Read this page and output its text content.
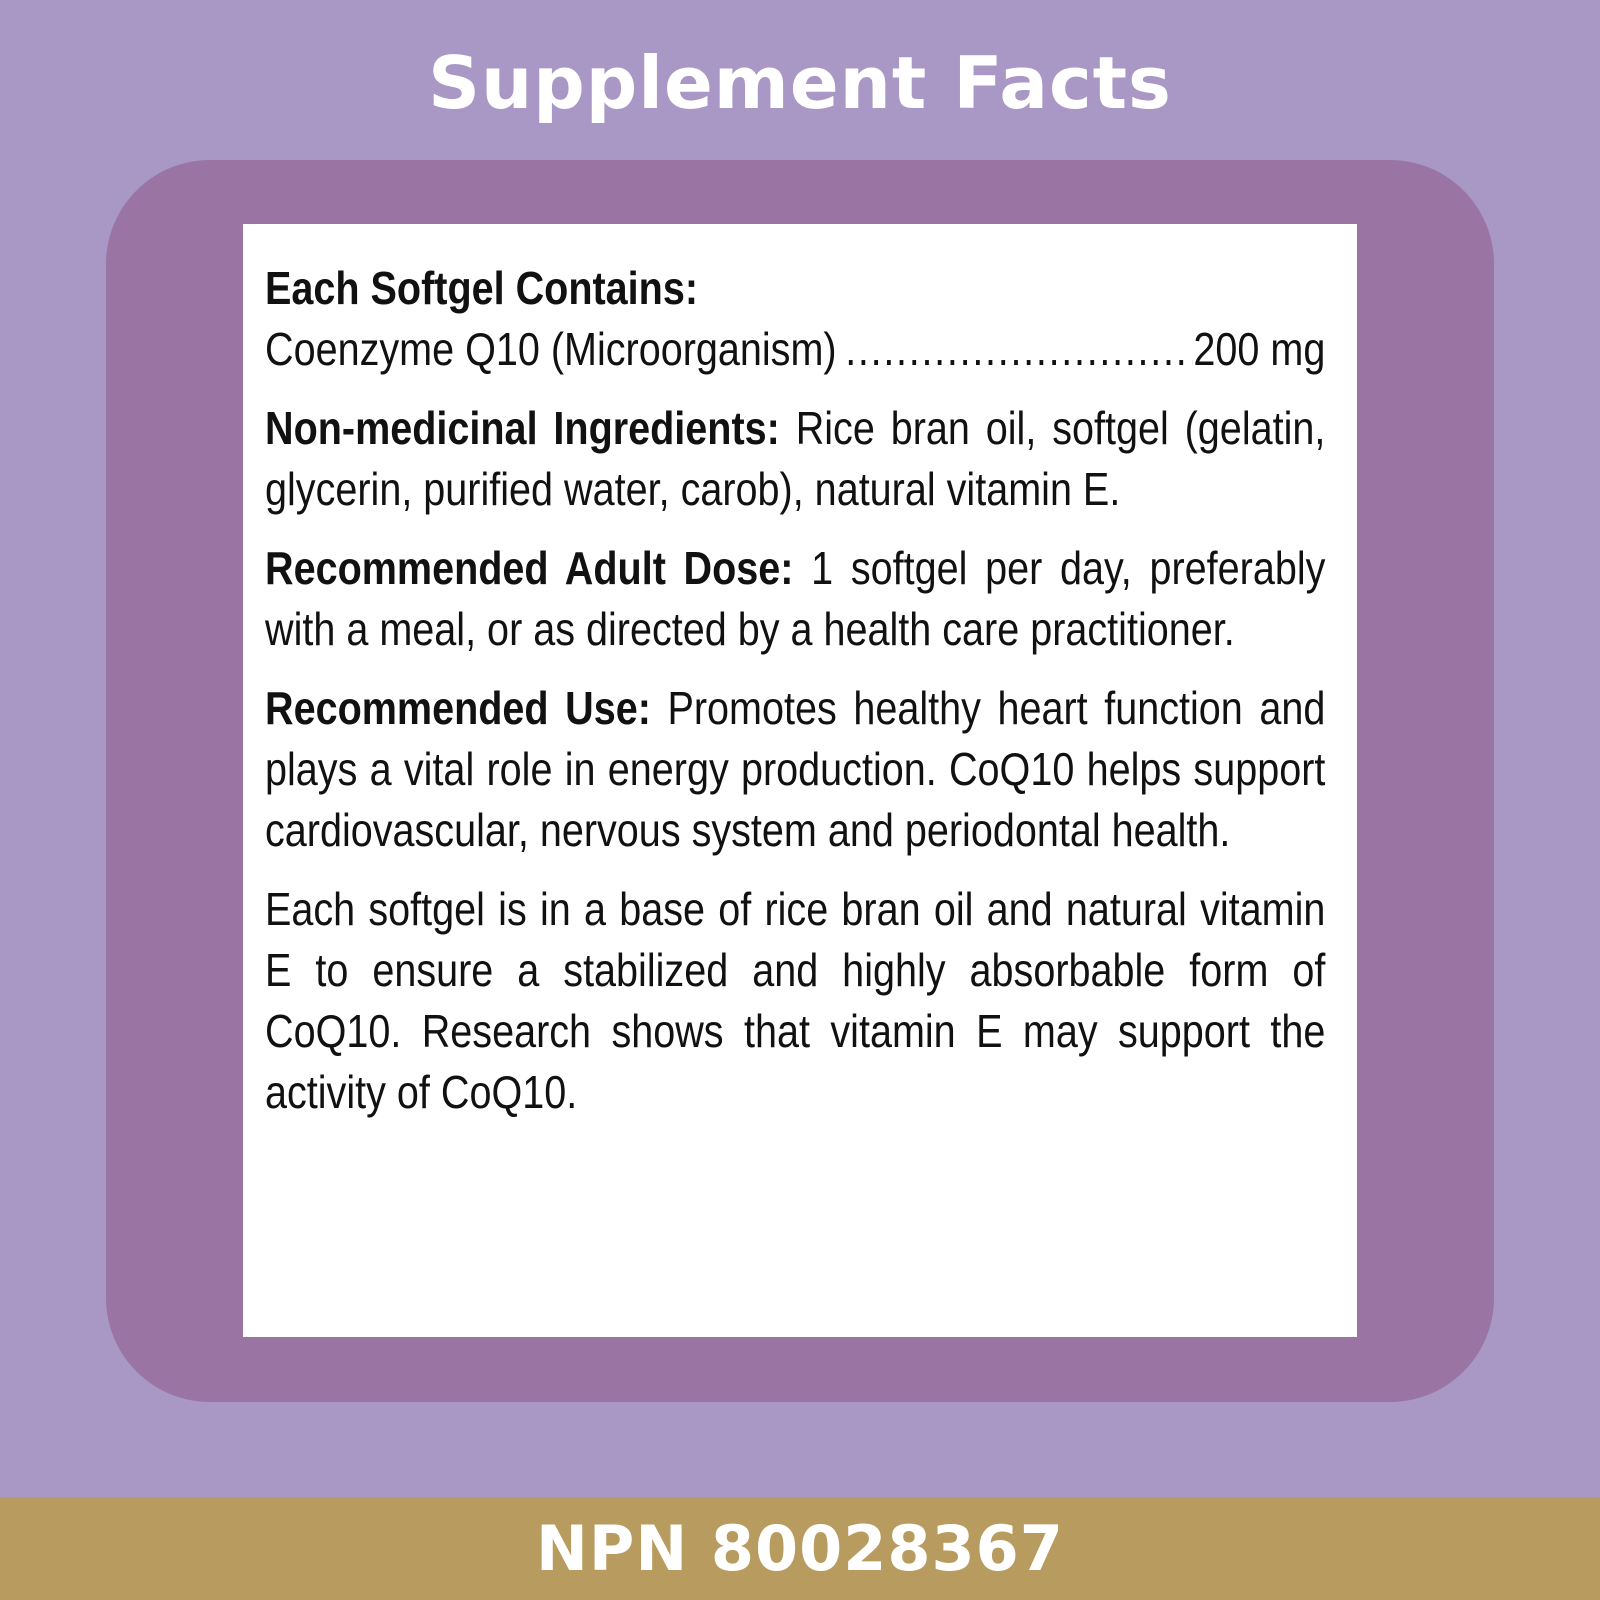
Supplement Facts
Each Softgel Contains:
Coenzyme Q10 (Microorganism)
.....	200 mg
Non-medicinal Ingredients: Rice bran oil, softgel (gelatin, glycerin, purified water, carob), natural vitamin E.
Recommended Adult Dose: 1 softgel per day, preferably with a meal, or as directed by a health care practitioner.
Recommended Use: Promotes healthy heart function and plays a vital role in energy production. CoQ10 helps support cardiovascular, nervous system and periodontal health.
Each softgel is in a base of rice bran oil and natural vitamin E to ensure a stabilized and highly absorbable form of CoQ10. Research shows that vitamin E may support the activity of CoQ10.
NPN 80028367
